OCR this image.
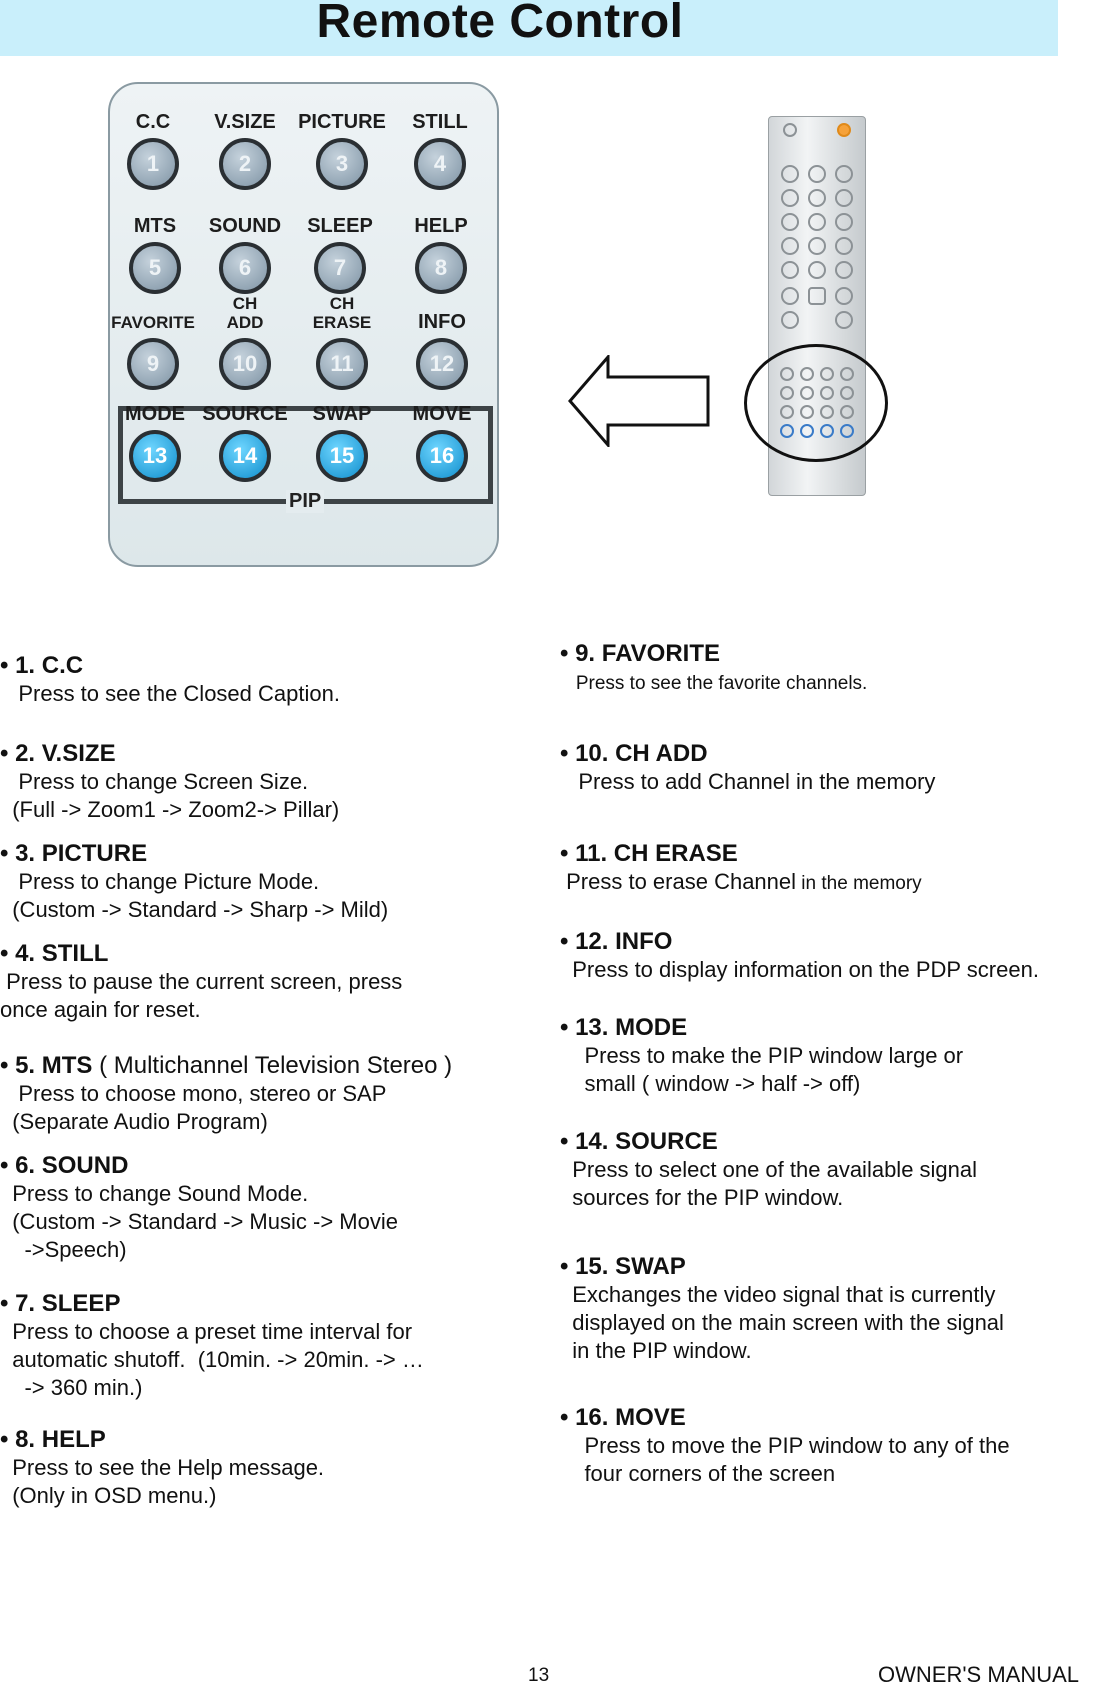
Remote Control
PIP
C.C
1
V.SIZE
2
PICTURE
3
STILL
4
MTS
5
SOUND
6
SLEEP
7
HELP
8
FAVORITE
9
CH
ADD
10
CH
ERASE
11
INFO
12
MODE
13
SOURCE
14
SWAP
15
MOVE
16
• 1. C.C
Press to see the Closed Caption.
• 2. V.SIZE
Press to change Screen Size.
(Full -> Zoom1 -> Zoom2-> Pillar)
• 3. PICTURE
Press to change Picture Mode.
(Custom -> Standard -> Sharp -> Mild)
• 4. STILL
Press to pause the current screen, press
once again for reset.
• 5. MTS ( Multichannel Television Stereo )
Press to choose mono, stereo or SAP
(Separate Audio Program)
• 6. SOUND
Press to change Sound Mode.
(Custom -> Standard -> Music -> Movie
->Speech)
• 7. SLEEP
Press to choose a preset time interval for
automatic shutoff.  (10min. -> 20min. -> …
-> 360 min.)
• 8. HELP
Press to see the Help message.
(Only in OSD menu.)
• 9. FAVORITE
Press to see the favorite channels.
• 10. CH ADD
Press to add Channel in the memory
• 11. CH ERASE
Press to erase Channel in the memory
• 12. INFO
Press to display information on the PDP screen.
• 13. MODE
Press to make the PIP window large or
small ( window -> half -> off)
• 14. SOURCE
Press to select one of the available signal
sources for the PIP window.
• 15. SWAP
Exchanges the video signal that is currently
displayed on the main screen with the signal
in the PIP window.
• 16. MOVE
Press to move the PIP window to any of the
four corners of the screen
13	OWNER'S MANUAL
